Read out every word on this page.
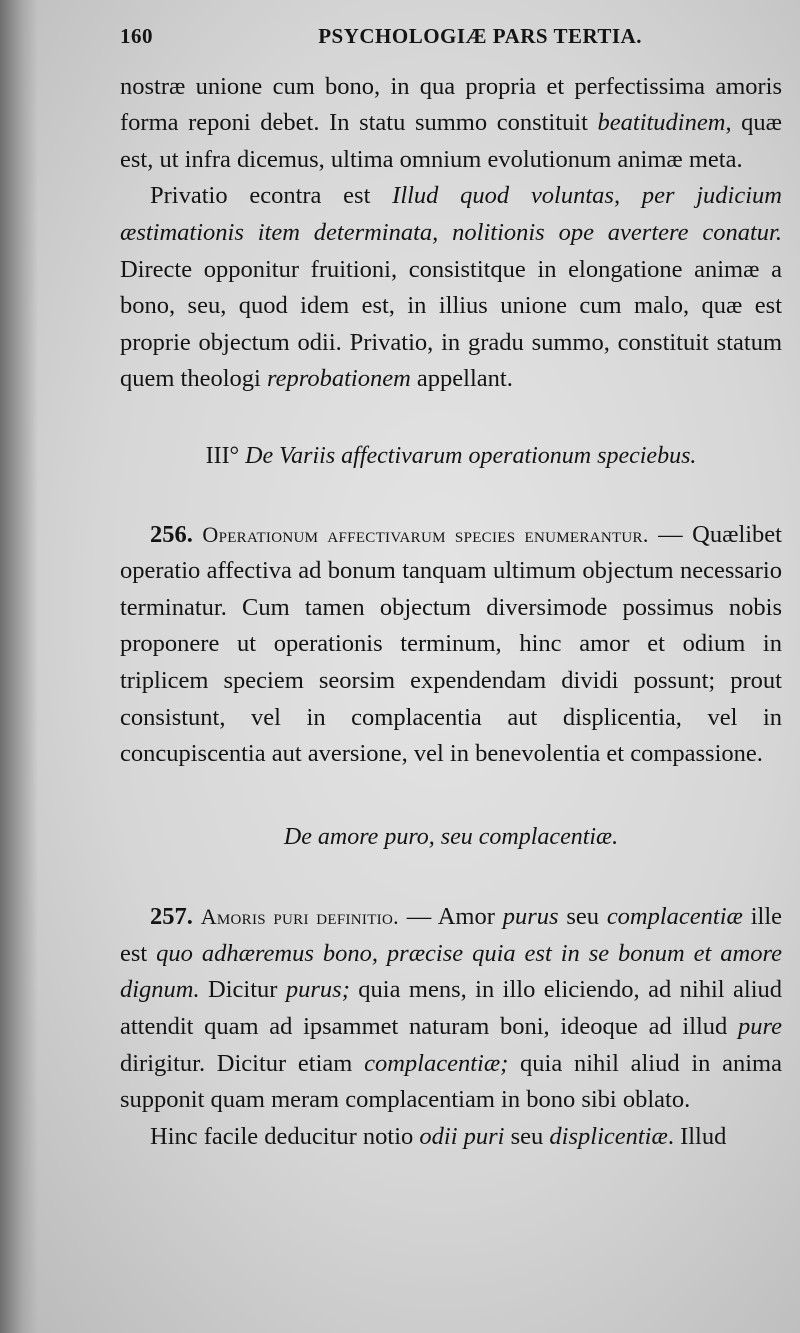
160	PSYCHOLOGIÆ PARS TERTIA.

nostræ unione cum bono, in qua propria et perfectissima amoris forma reponi debet. In statu summo constituit beatitudinem, quæ est, ut infra dicemus, ultima omnium evolutionum animæ meta.

Privatio econtra est Illud quod voluntas, per judicium æstimationis item determinata, nolitionis ope avertere conatur. Directe opponitur fruitioni, consistitque in elongatione animæ a bono, seu, quod idem est, in illius unione cum malo, quæ est proprie objectum odii. Privatio, in gradu summo, constituit statum quem theologi reprobationem appellant.

III° De Variis affectivarum operationum speciebus.

256. Operationum affectivarum species enumerantur. — Quælibet operatio affectiva ad bonum tanquam ultimum objectum necessario terminatur. Cum tamen objectum diversimode possimus nobis proponere ut operationis terminum, hinc amor et odium in triplicem speciem seorsim expendendam dividi possunt; prout consistunt, vel in complacentia aut displicentia, vel in concupiscentia aut aversione, vel in benevolentia et compassione.

De amore puro, seu complacentiæ.

257. Amoris puri definitio. — Amor purus seu complacentiæ ille est quo adhæremus bono, præcise quia est in se bonum et amore dignum. Dicitur purus; quia mens, in illo eliciendo, ad nihil aliud attendit quam ad ipsammet naturam boni, ideoque ad illud pure dirigitur. Dicitur etiam complacentiæ; quia nihil aliud in anima supponit quam meram complacentiam in bono sibi oblato.

Hinc facile deducitur notio odii puri seu displicentiæ. Illud
